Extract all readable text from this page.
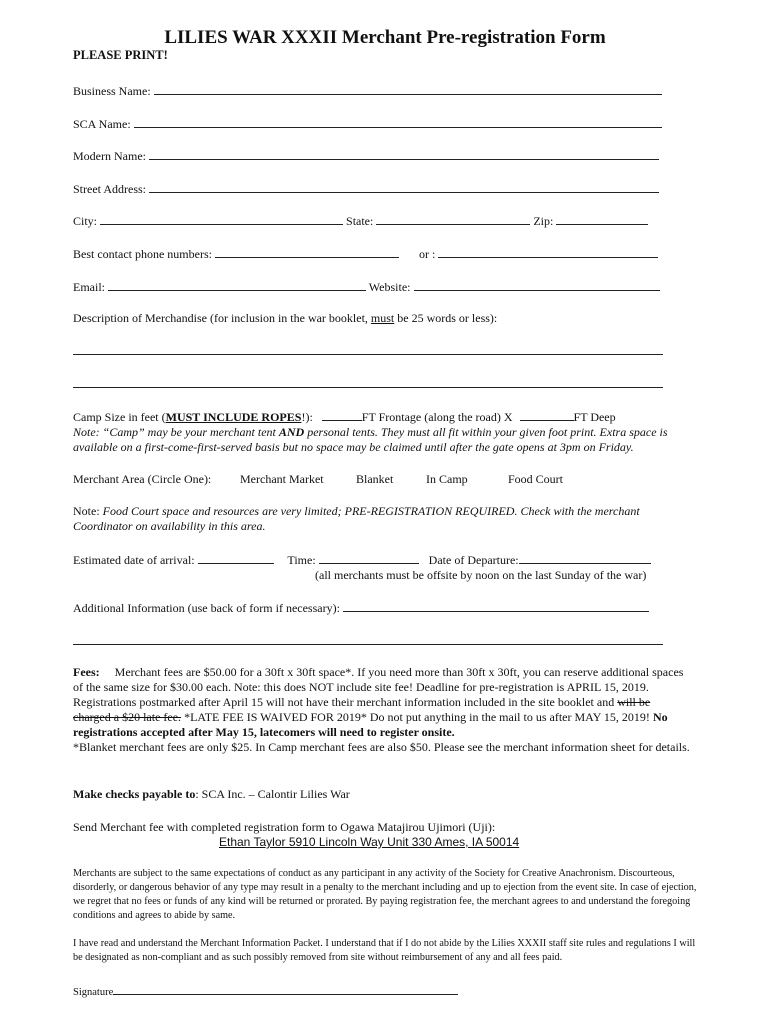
LILIES WAR XXXII Merchant Pre-registration Form
PLEASE PRINT!
Business Name:
SCA Name:
Modern Name:
Street Address:
City:	State:	Zip:
Best contact phone numbers:	or :
Email:	Website:
Description of Merchandise (for inclusion in the war booklet, must be 25 words or less):
Camp Size in feet (MUST INCLUDE ROPES!):	FT Frontage (along the road) X	FT Deep
Note: “Camp” may be your merchant tent AND personal tents. They must all fit within your given foot print. Extra space is available on a first-come-first-served basis but no space may be claimed until after the gate opens at 3pm on Friday.
Merchant Area (Circle One): Merchant Market	Blanket	In Camp	Food Court
Note: Food Court space and resources are very limited; PRE-REGISTRATION REQUIRED. Check with the merchant Coordinator on availability in this area.
Estimated date of arrival:	Time:	Date of Departure:
(all merchants must be offsite by noon on the last Sunday of the war)
Additional Information (use back of form if necessary):
Fees: Merchant fees are $50.00 for a 30ft x 30ft space*. If you need more than 30ft x 30ft, you can reserve additional spaces of the same size for $30.00 each. Note: this does NOT include site fee! Deadline for pre-registration is APRIL 15, 2019. Registrations postmarked after April 15 will not have their merchant information included in the site booklet and will be charged a $20 late fee. *LATE FEE IS WAIVED FOR 2019* Do not put anything in the mail to us after MAY 15, 2019! No registrations accepted after May 15, latecomers will need to register onsite.
*Blanket merchant fees are only $25. In Camp merchant fees are also $50. Please see the merchant information sheet for details.
Make checks payable to: SCA Inc. – Calontir Lilies War
Send Merchant fee with completed registration form to Ogawa Matajirou Ujimori (Uji):
Ethan Taylor 5910 Lincoln Way Unit 330 Ames, IA 50014
Merchants are subject to the same expectations of conduct as any participant in any activity of the Society for Creative Anachronism. Discourteous, disorderly, or dangerous behavior of any type may result in a penalty to the merchant including and up to ejection from the event site. In case of ejection, we regret that no fees or funds of any kind will be returned or prorated. By paying registration fee, the merchant agrees to and understand the foregoing conditions and agrees to abide by same.
I have read and understand the Merchant Information Packet. I understand that if I do not abide by the Lilies XXXII staff site rules and regulations I will be designated as non-compliant and as such possibly removed from site without reimbursement of any and all fees paid.
Signature
